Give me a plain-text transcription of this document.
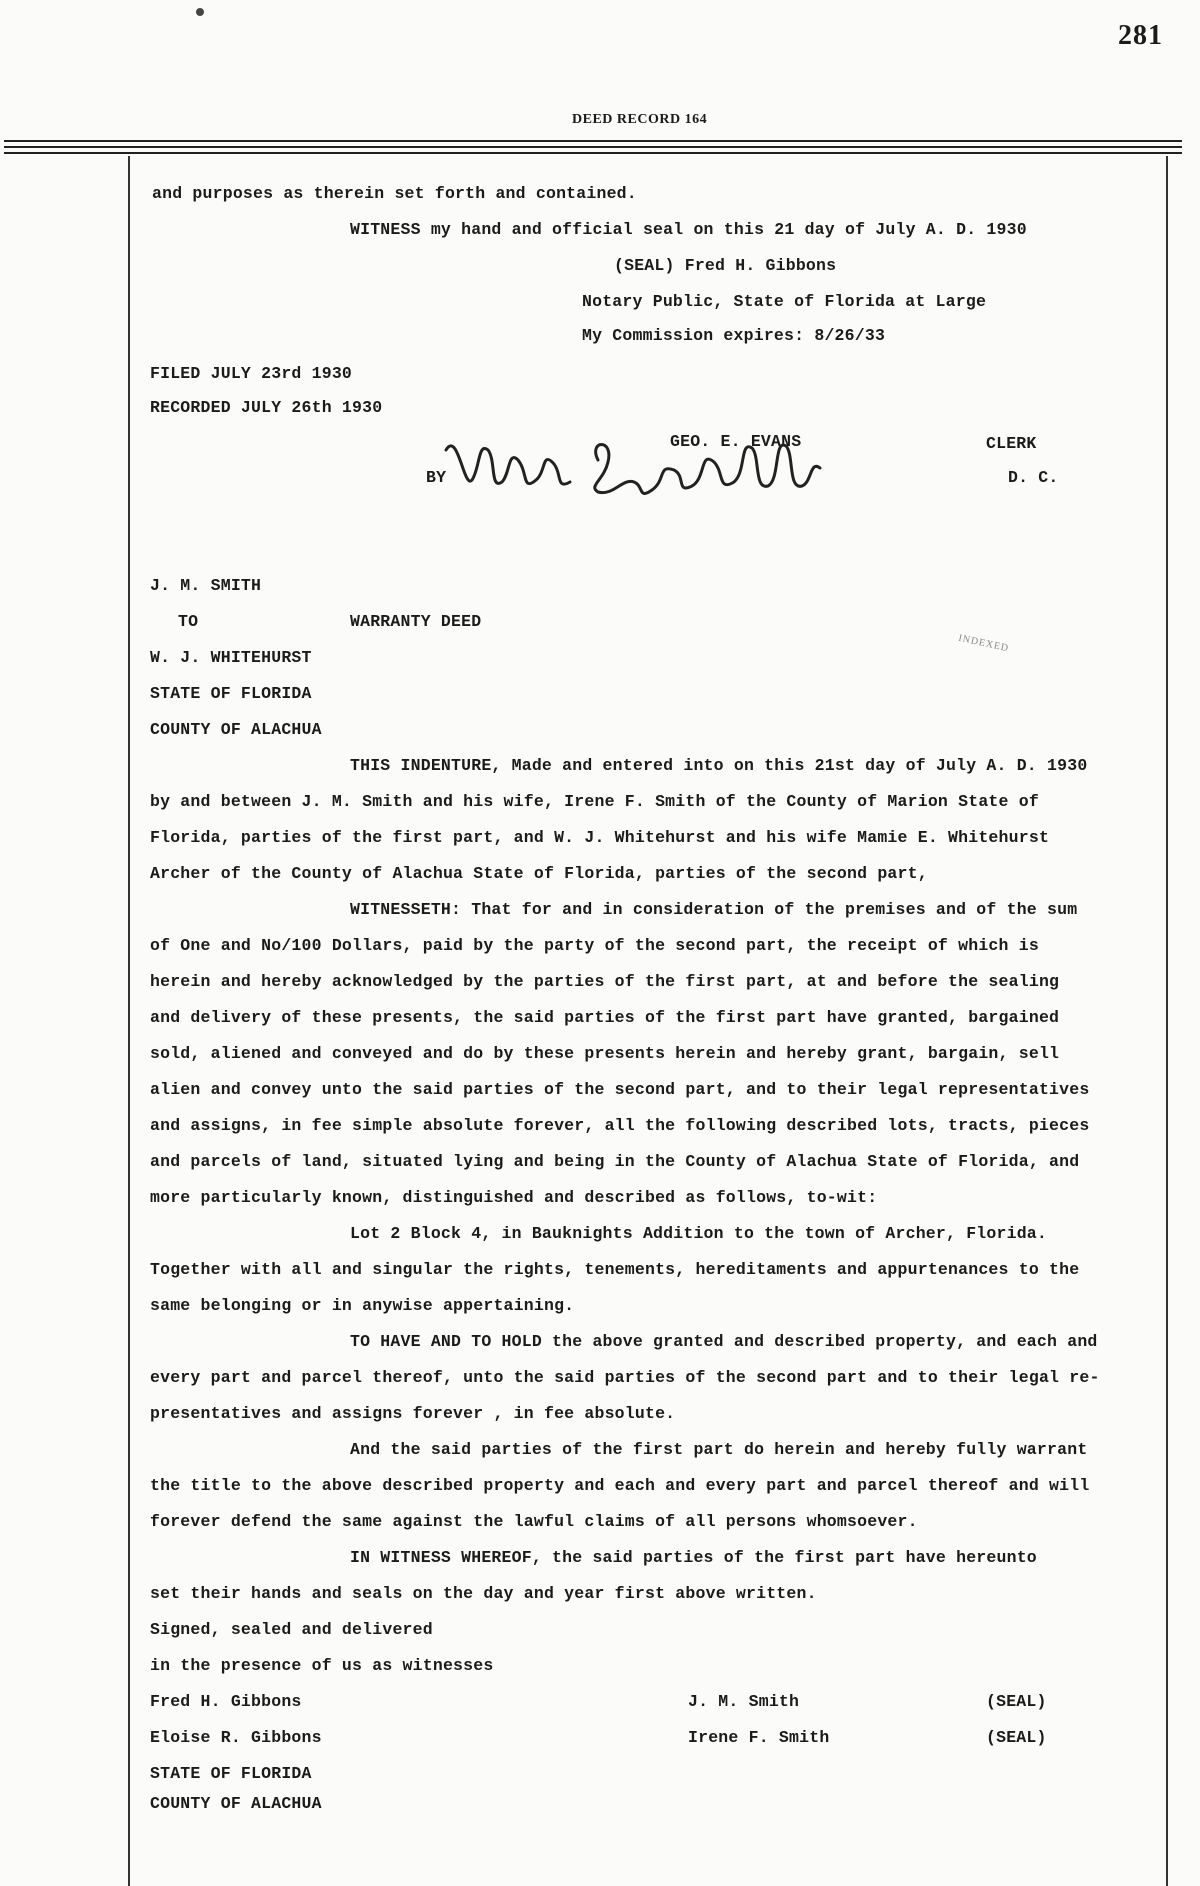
281
DEED RECORD 164
and purposes as therein set forth and contained.
WITNESS my hand and official seal on this 21 day of July A. D. 1930
(SEAL) Fred H. Gibbons
Notary Public, State of Florida at Large
My Commission expires: 8/26/33
FILED JULY 23rd 1930
RECORDED JULY 26th 1930
GEO. E. EVANS	CLERK
BY	D. C.
J. M. SMITH
TO	WARRANTY DEED
W. J. WHITEHURST
STATE OF FLORIDA
COUNTY OF ALACHUA
INDEXED
THIS INDENTURE, Made and entered into on this 21st day of July A. D. 1930
by and between J. M. Smith and his wife, Irene F. Smith of the County of Marion State of
Florida, parties of the first part, and W. J. Whitehurst and his wife Mamie E. Whitehurst
Archer of the County of Alachua State of Florida, parties of the second part,
WITNESSETH: That for and in consideration of the premises and of the sum
of One and No/100 Dollars, paid by the party of the second part, the receipt of which is
herein and hereby acknowledged by the parties of the first part, at and before the sealing
and delivery of these presents, the said parties of the first part have granted, bargained
sold, aliened and conveyed and do by these presents herein and hereby grant, bargain, sell
alien and convey unto the said parties of the second part, and to their legal representatives
and assigns, in fee simple absolute forever, all the following described lots, tracts, pieces
and parcels of land, situated lying and being in the County of Alachua State of Florida, and
more particularly known, distinguished and described as follows, to-wit:
Lot 2 Block 4, in Bauknights Addition to the town of Archer, Florida.
Together with all and singular the rights, tenements, hereditaments and appurtenances to the
same belonging or in anywise appertaining.
TO HAVE AND TO HOLD the above granted and described property, and each and
every part and parcel thereof, unto the said parties of the second part and to their legal re-
presentatives and assigns forever , in fee absolute.
And the said parties of the first part do herein and hereby fully warrant
the title to the above described property and each and every part and parcel thereof and will
forever defend the same against the lawful claims of all persons whomsoever.
IN WITNESS WHEREOF, the said parties of the first part have hereunto
set their hands and seals on the day and year first above written.
Signed, sealed and delivered
in the presence of us as witnesses
Fred H. Gibbons	J. M. Smith	(SEAL)
Eloise R. Gibbons	Irene F. Smith	(SEAL)
STATE OF FLORIDA
COUNTY OF ALACHUA
